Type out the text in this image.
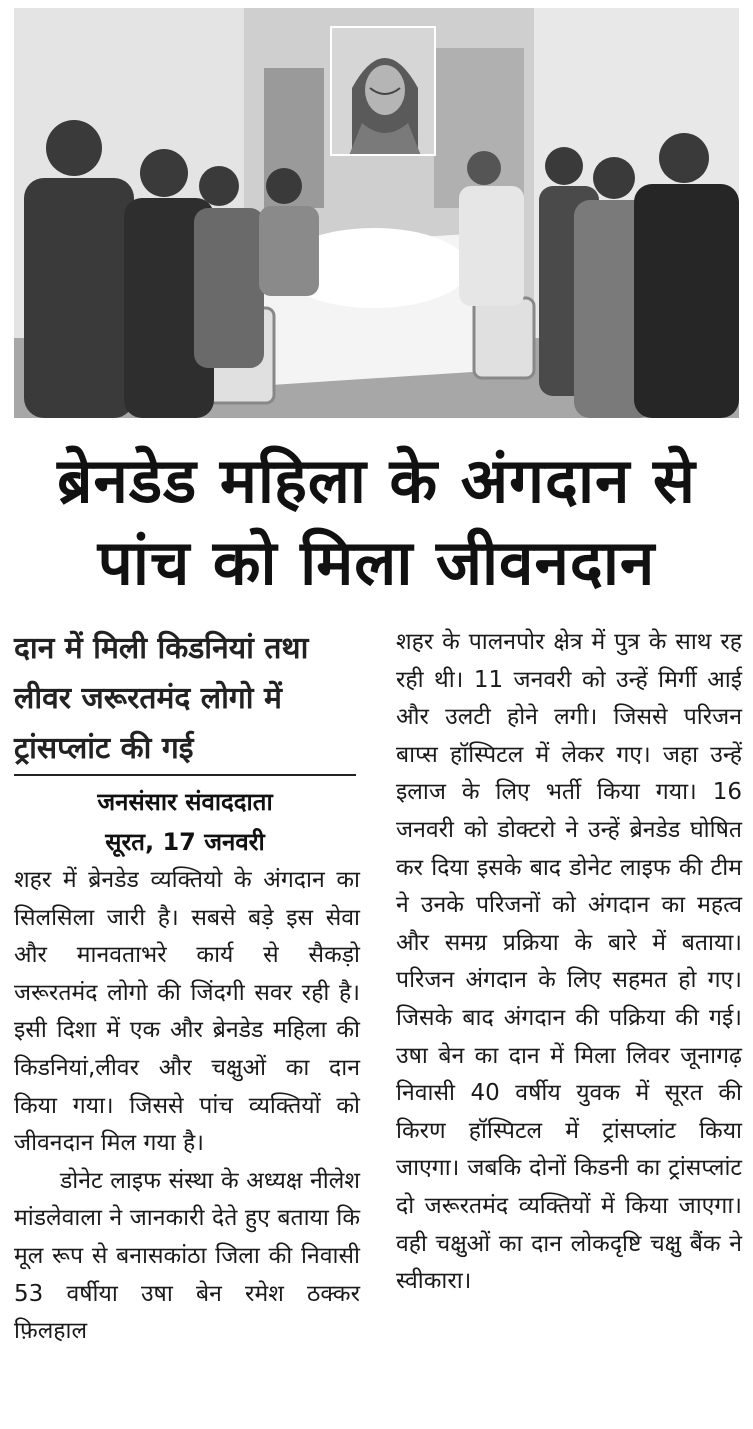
ब्रेनडेड महिला के अंगदान से
पांच को मिला जीवनदान
दान में मिली किडनियां तथा लीवर जरूरतमंद लोगो में ट्रांसप्लांट की गई
जनसंसार संवाददाता
सूरत, 17 जनवरी

शहर में ब्रेनडेड व्यक्तियो के अंगदान का सिलसिला जारी है। सबसे बड़े इस सेवा और मानवताभरे कार्य से सैकड़ो जरूरतमंद लोगो की जिंदगी सवर रही है। इसी दिशा में एक और ब्रेनडेड महिला की किडनियां,लीवर और चक्षुओं का दान किया गया। जिससे पांच व्यक्तियों को जीवनदान मिल गया है।

डोनेट लाइफ संस्था के अध्यक्ष नीलेश मांडलेवाला ने जानकारी देते हुए बताया कि मूल रूप से बनासकांठा जिला की निवासी 53 वर्षीया उषा बेन रमेश ठक्कर फ़िलहाल

शहर के पालनपोर क्षेत्र में पुत्र के साथ रह रही थी। 11 जनवरी को उन्हें मिर्गी आई और उलटी होने लगी। जिससे परिजन बाप्स हॉस्पिटल में लेकर गए। जहा उन्हें इलाज के लिए भर्ती किया गया। 16 जनवरी को डोक्टरो ने उन्हें ब्रेनडेड घोषित कर दिया इसके बाद डोनेट लाइफ की टीम ने उनके परिजनों को अंगदान का महत्व और समग्र प्रक्रिया के बारे में बताया। परिजन अंगदान के लिए सहमत हो गए। जिसके बाद अंगदान की पक्रिया की गई। उषा बेन का दान में मिला लिवर जूनागढ़ निवासी 40 वर्षीय युवक में सूरत की किरण हॉस्पिटल में ट्रांसप्लांट किया जाएगा। जबकि दोनों किडनी का ट्रांसप्लांट दो जरूरतमंद व्यक्तियों में किया जाएगा। वही चक्षुओं का दान लोकदृष्टि चक्षु बैंक ने स्वीकारा।
